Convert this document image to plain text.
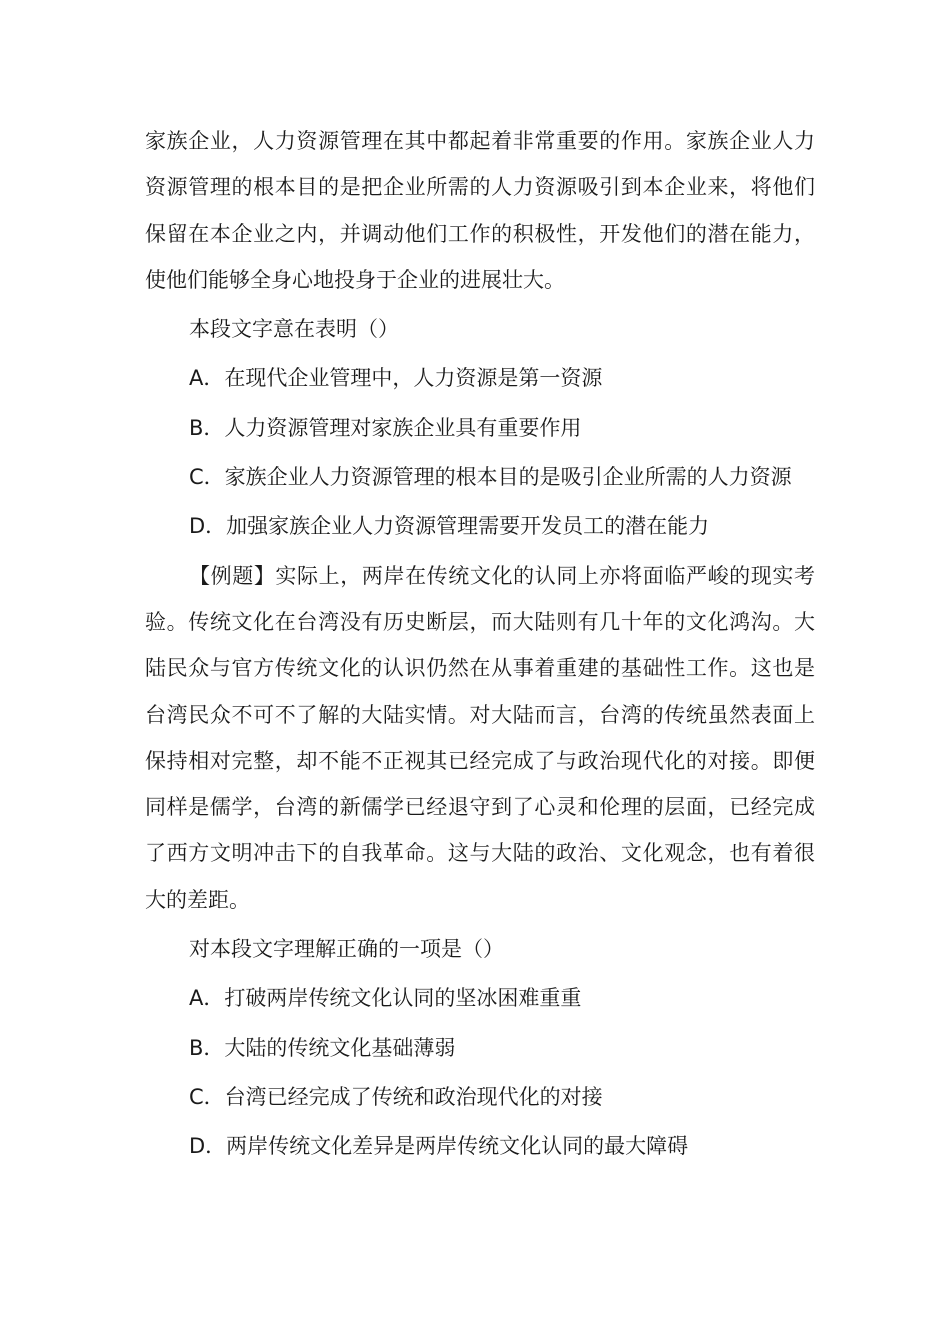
家族企业，人力资源管理在其中都起着非常重要的作用。家族企业人力资源管理的根本目的是把企业所需的人力资源吸引到本企业来，将他们保留在本企业之内，并调动他们工作的积极性，开发他们的潜在能力，使他们能够全身心地投身于企业的进展壮大。

本段文字意在表明（）

A．在现代企业管理中，人力资源是第一资源

B．人力资源管理对家族企业具有重要作用

C．家族企业人力资源管理的根本目的是吸引企业所需的人力资源

D．加强家族企业人力资源管理需要开发员工的潜在能力

【例题】实际上，两岸在传统文化的认同上亦将面临严峻的现实考验。传统文化在台湾没有历史断层，而大陆则有几十年的文化鸿沟。大陆民众与官方传统文化的认识仍然在从事着重建的基础性工作。这也是台湾民众不可不了解的大陆实情。对大陆而言，台湾的传统虽然表面上保持相对完整，却不能不正视其已经完成了与政治现代化的对接。即便同样是儒学，台湾的新儒学已经退守到了心灵和伦理的层面，已经完成了西方文明冲击下的自我革命。这与大陆的政治、文化观念，也有着很大的差距。

对本段文字理解正确的一项是（）

A．打破两岸传统文化认同的坚冰困难重重

B．大陆的传统文化基础薄弱

C．台湾已经完成了传统和政治现代化的对接

D．两岸传统文化差异是两岸传统文化认同的最大障碍
